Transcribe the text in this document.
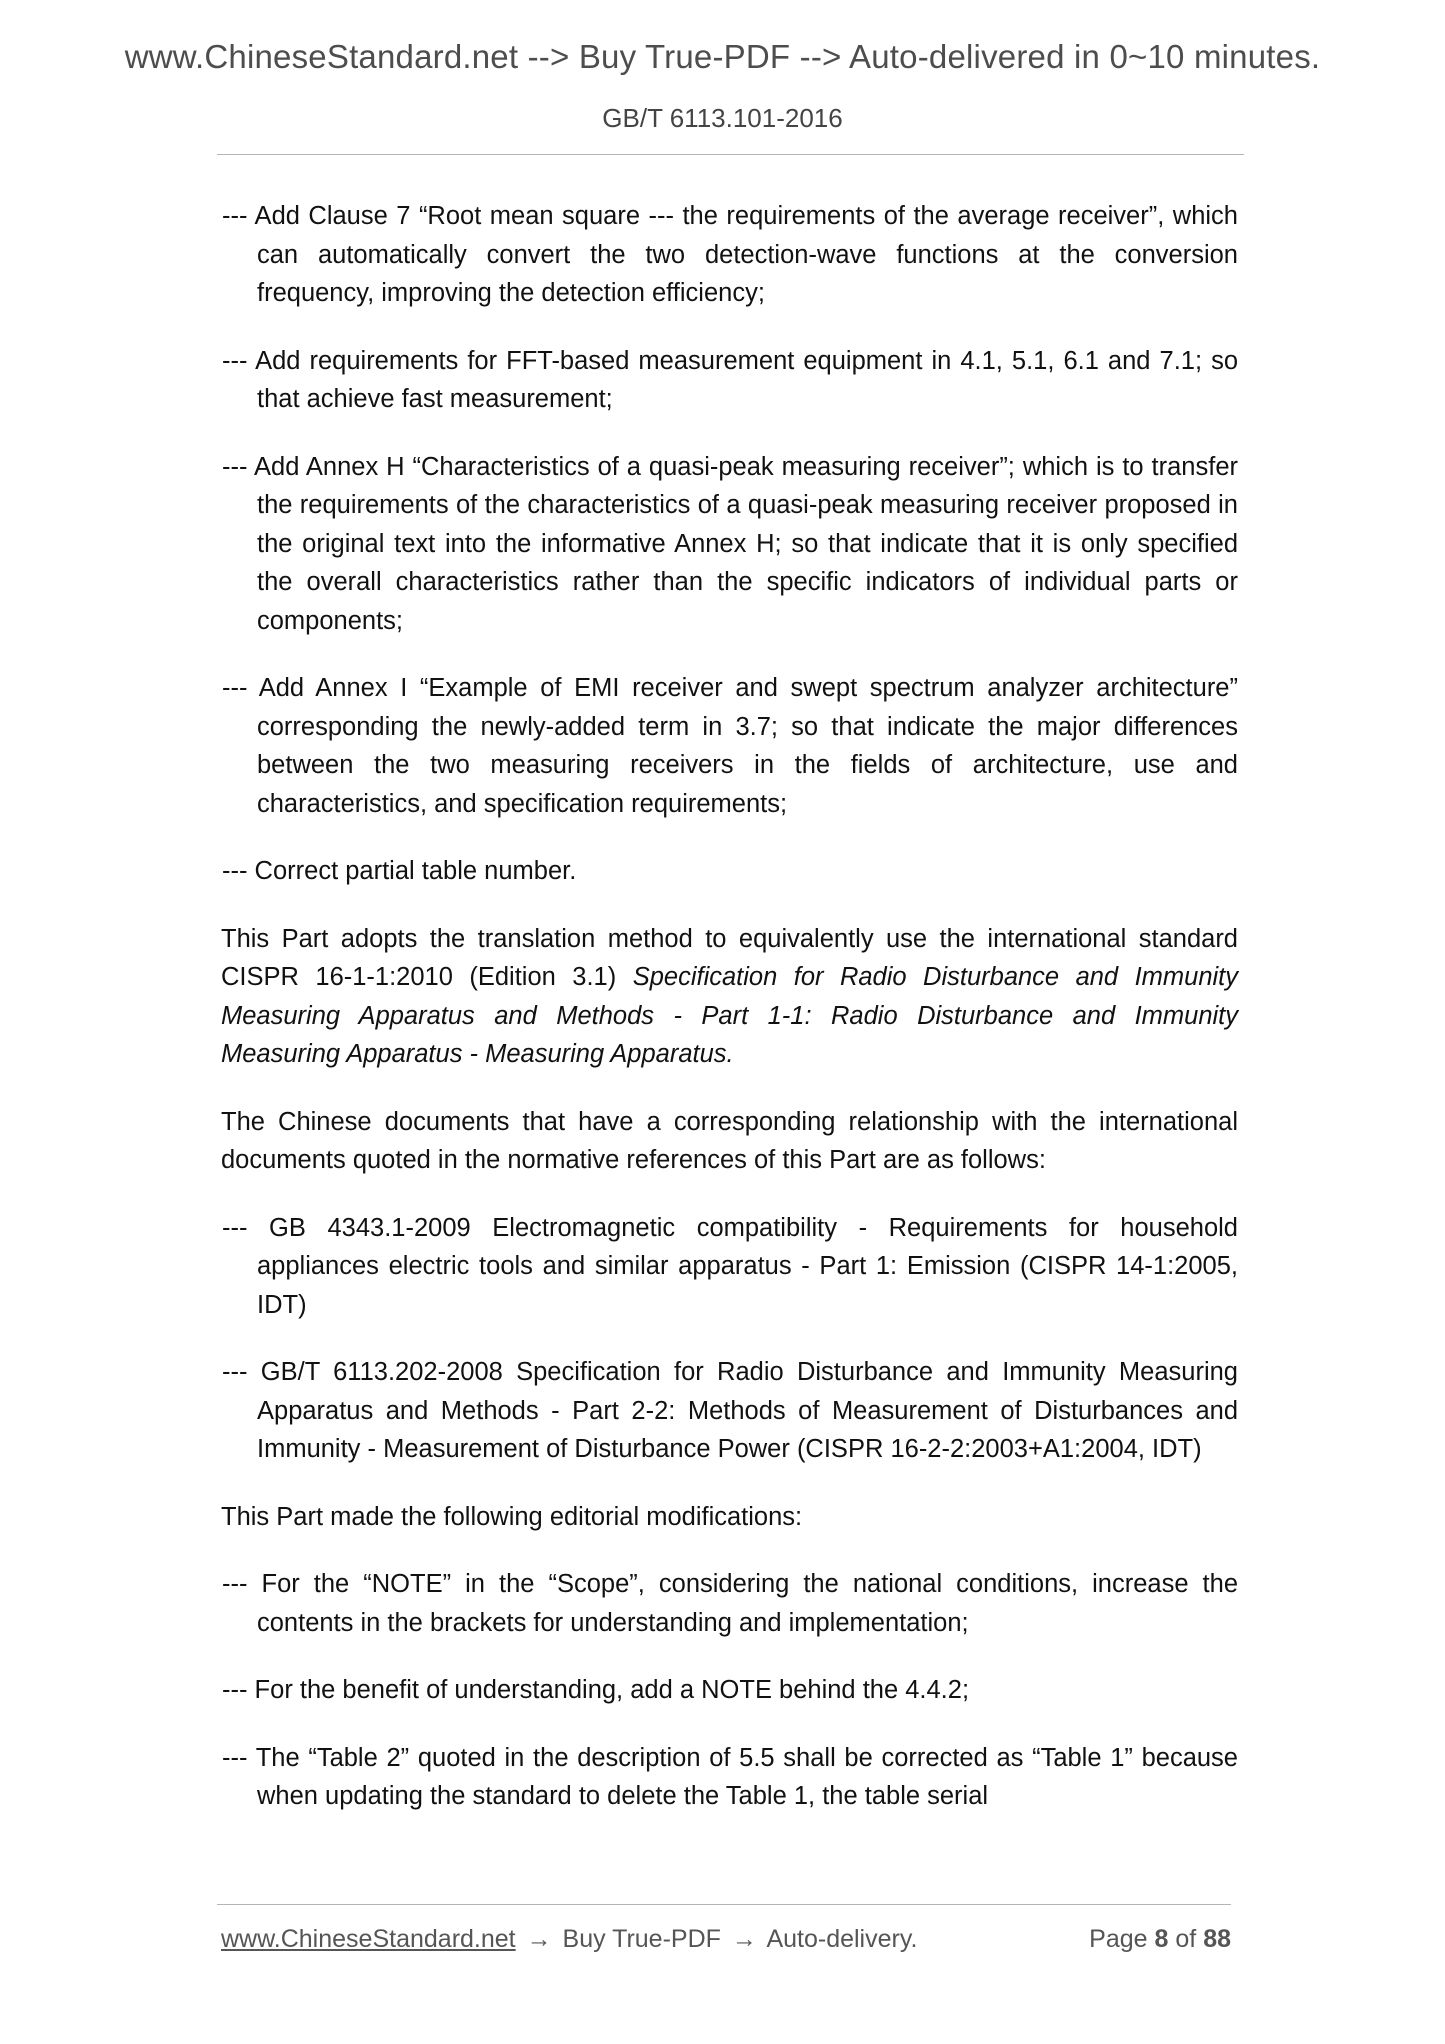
www.ChineseStandard.net --> Buy True-PDF --> Auto-delivered in 0~10 minutes.
GB/T 6113.101-2016

--- Add Clause 7 “Root mean square --- the requirements of the average receiver”, which can automatically convert the two detection-wave functions at the conversion frequency, improving the detection efficiency;

--- Add requirements for FFT-based measurement equipment in 4.1, 5.1, 6.1 and 7.1; so that achieve fast measurement;

--- Add Annex H “Characteristics of a quasi-peak measuring receiver”; which is to transfer the requirements of the characteristics of a quasi-peak measuring receiver proposed in the original text into the informative Annex H; so that indicate that it is only specified the overall characteristics rather than the specific indicators of individual parts or components;

--- Add Annex I “Example of EMI receiver and swept spectrum analyzer architecture” corresponding the newly-added term in 3.7; so that indicate the major differences between the two measuring receivers in the fields of architecture, use and characteristics, and specification requirements;

--- Correct partial table number.

This Part adopts the translation method to equivalently use the international standard CISPR 16-1-1:2010 (Edition 3.1) Specification for Radio Disturbance and Immunity Measuring Apparatus and Methods - Part 1-1: Radio Disturbance and Immunity Measuring Apparatus - Measuring Apparatus.

The Chinese documents that have a corresponding relationship with the international documents quoted in the normative references of this Part are as follows:

--- GB 4343.1-2009 Electromagnetic compatibility - Requirements for household appliances electric tools and similar apparatus - Part 1: Emission (CISPR 14-1:2005, IDT)

--- GB/T 6113.202-2008 Specification for Radio Disturbance and Immunity Measuring Apparatus and Methods - Part 2-2: Methods of Measurement of Disturbances and Immunity - Measurement of Disturbance Power (CISPR 16-2-2:2003+A1:2004, IDT)

This Part made the following editorial modifications:

--- For the “NOTE” in the “Scope”, considering the national conditions, increase the contents in the brackets for understanding and implementation;

--- For the benefit of understanding, add a NOTE behind the 4.4.2;

--- The “Table 2” quoted in the description of 5.5 shall be corrected as “Table 1” because when updating the standard to delete the Table 1, the table serial

www.ChineseStandard.net → Buy True-PDF → Auto-delivery.	Page 8 of 88
